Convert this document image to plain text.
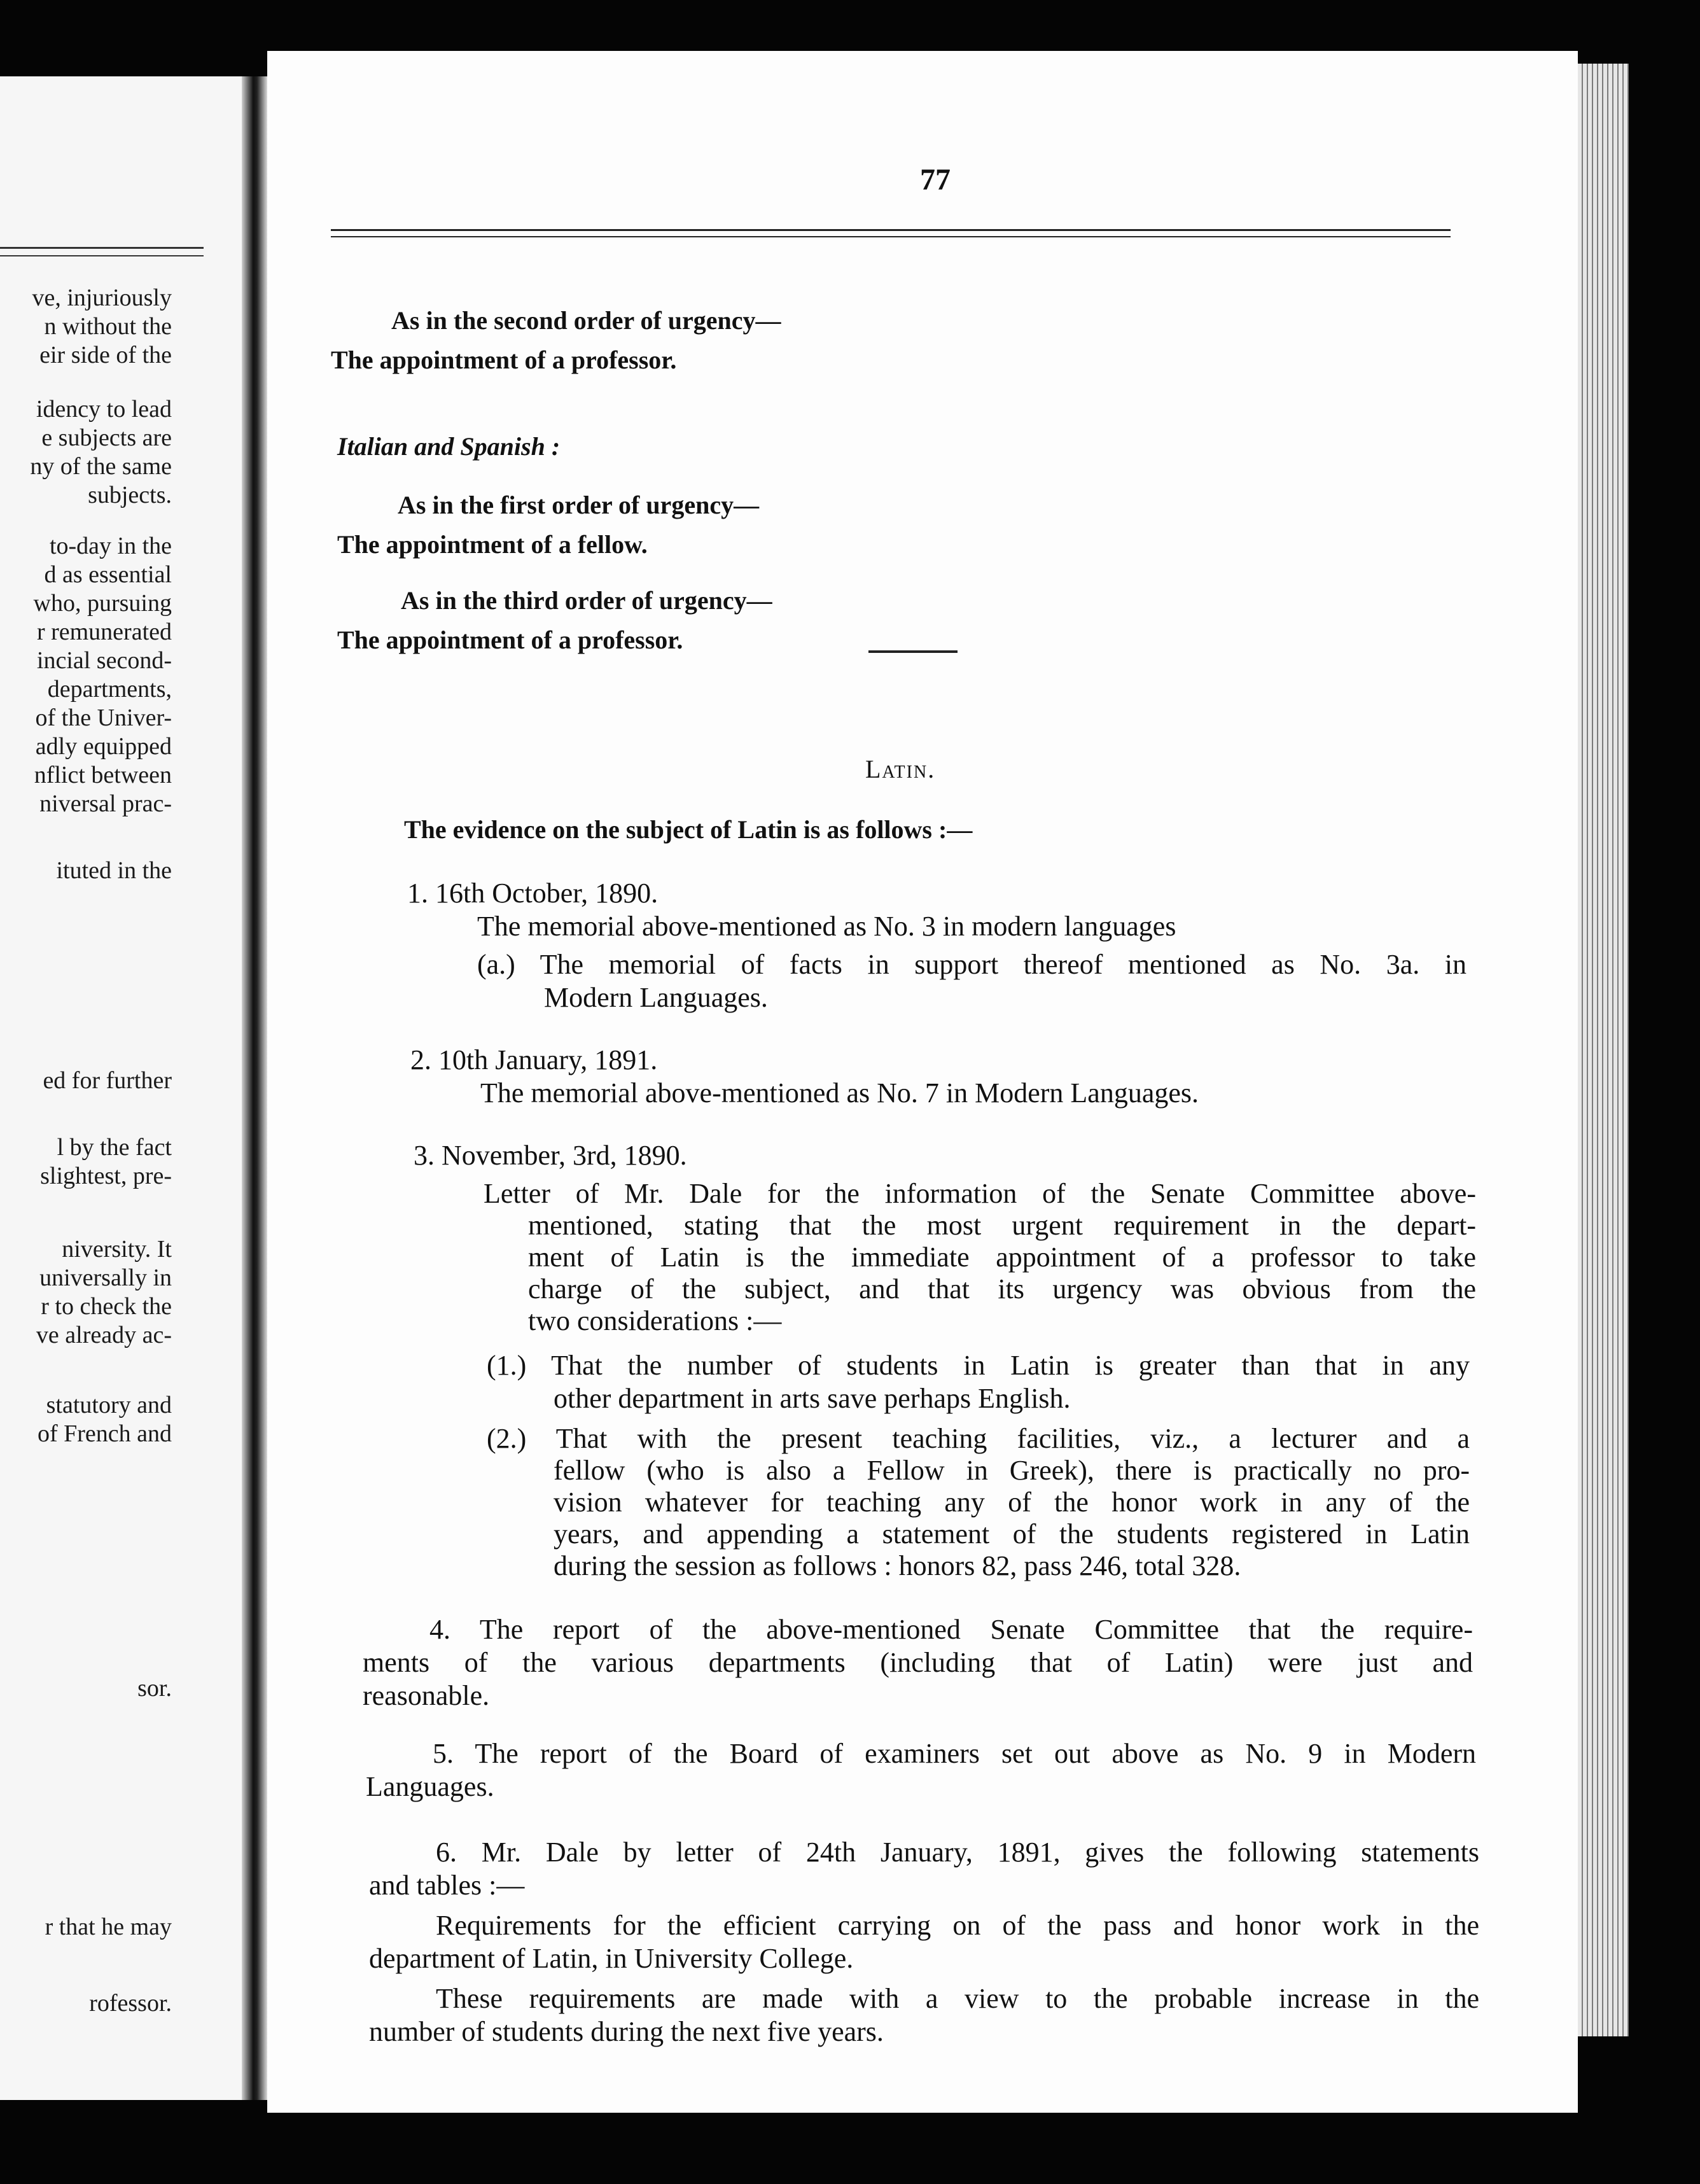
ve, injuriously
n without the
eir side of the
idency to lead
e subjects are
ny of the same
subjects.
to-day in the
d as essential
who, pursuing
r remunerated
incial second-
departments,
of the Univer-
adly equipped
nflict between
niversal prac-
ituted in the
ed for further
l by the fact
slightest, pre-
niversity. It
universally in
r to check the
ve already ac-
statutory and
of French and
sor.
r that he may
rofessor.
77
As in the second order of urgency—
The appointment of a professor.
Italian and Spanish :
As in the first order of urgency—
The appointment of a fellow.
As in the third order of urgency—
The appointment of a professor.
Latin.
The evidence on the subject of Latin is as follows :—
1. 16th October, 1890.
The memorial above-mentioned as No. 3 in modern languages
(a.) The memorial of facts in support thereof mentioned as No. 3a. in
Modern Languages.
2. 10th January, 1891.
The memorial above-mentioned as No. 7 in Modern Languages.
3. November, 3rd, 1890.
Letter of Mr. Dale for the information of the Senate Committee above-
mentioned, stating that the most urgent requirement in the depart-
ment of Latin is the immediate appointment of a professor to take
charge of the subject, and that its urgency was obvious from the
two considerations :—
(1.) That the number of students in Latin is greater than that in any
other department in arts save perhaps English.
(2.) That with the present teaching facilities, viz., a lecturer and a
fellow (who is also a Fellow in Greek), there is practically no pro-
vision whatever for teaching any of the honor work in any of the
years, and appending a statement of the students registered in Latin
during the session as follows : honors 82, pass 246, total 328.
4. The report of the above-mentioned Senate Committee that the require-
ments of the various departments (including that of Latin) were just and
reasonable.
5. The report of the Board of examiners set out above as No. 9 in Modern
Languages.
6. Mr. Dale by letter of 24th January, 1891, gives the following statements
and tables :—
Requirements for the efficient carrying on of the pass and honor work in the
department of Latin, in University College.
These requirements are made with a view to the probable increase in the
number of students during the next five years.
